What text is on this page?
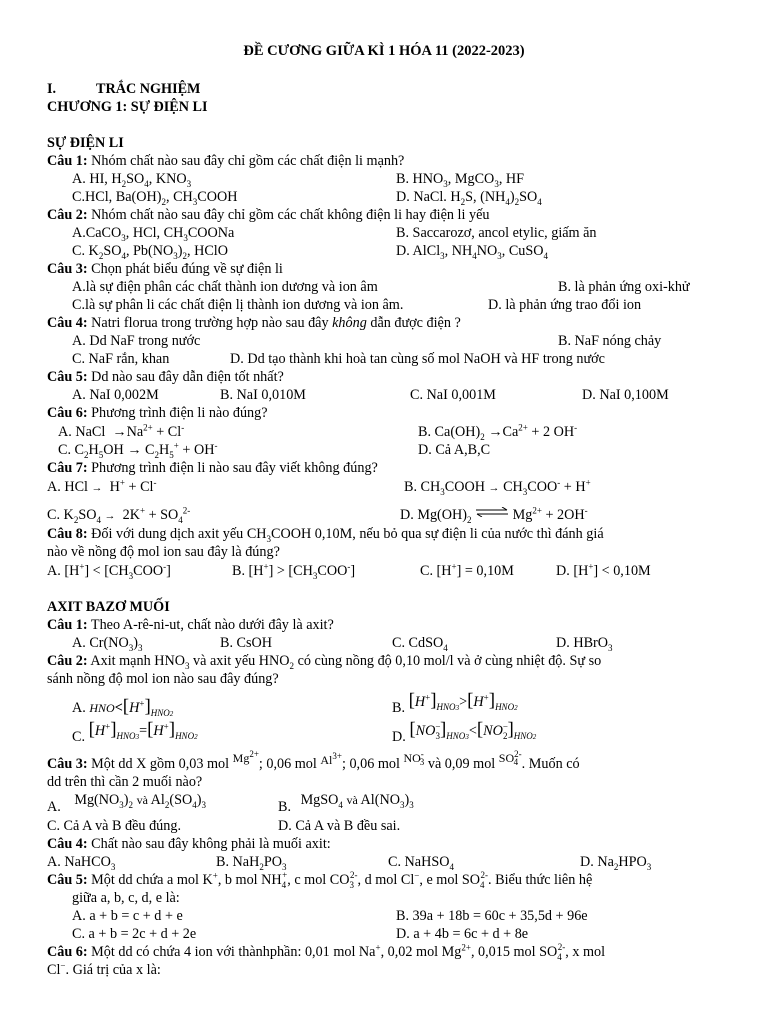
ĐỀ CƯƠNG GIỮA KÌ 1 HÓA 11 (2022-2023)
I.	TRẮC NGHIỆM
CHƯƠNG 1: SỰ ĐIỆN LI
SỰ ĐIỆN LI
Câu 1: Nhóm chất nào sau đây chỉ gồm các chất điện li mạnh?
A. HI, $H_2SO_4$, $KNO_3$	B. $HNO_3$, MgCO$_3$, HF
C.HCl, $Ba(OH)_2$, $CH_3COOH$	D. NaCl. $H_2S$, $(NH_4)_2SO_4$
Câu 2: Nhóm chất nào sau đây chỉ gồm các chất không điện li hay điện li yếu
A.CaCO$_3$, HCl, $CH_3COONa$	B. Saccarozơ, ancol etylic, giấm ăn
C. $K_2SO_4$, $Pb(NO_3)_2$, HClO	D. AlCl$_3$, $NH_4NO_3$, CuSO$_4$
Câu 3: Chọn phát biểu đúng về sự điện li
A.là sự điện phân các chất thành ion dương và ion âm	B. là phản ứng oxi-khử
C.là sự phân li các chất điện lị thành ion dương và ion âm.	D. là phản ứng trao đổi ion
Câu 4: Natri florua trong trường hợp nào sau đây không dẫn được điện ?
A. Dd NaF trong nước	B. NaF nóng chảy
C. NaF rắn, khan	D. Dd tạo thành khi hoà tan cùng số mol NaOH và HF trong nước
Câu 5: Dd nào sau đây dẫn điện tốt nhất?
A. NaI 0,002M	B. NaI 0,010M	C. NaI 0,001M	D. NaI 0,100M
Câu 6: Phương trình điện li nào đúng?
A. NaCl  $\to Na^{2+} + Cl^-$	B. $Ca(OH)_2 \to Ca^{2+} + 2$ OH-
C. $C_2H_5OH \to C_2H_5^+ + OH^-$	D. Cả A,B,C
Câu 7: Phương trình điện li nào sau đây viết không đúng?
A. HCl →  H+ + Cl-	B. $CH_3COOH \to CH_3COO^- + H^+$
C. $K_2SO_4 \to 2K^+ + SO_4^{2-}$	D. $Mg(OH)_2$ ⇌ $Mg^{2+} + 2OH^-$
Câu 8: Đối với dung dịch axit yếu $CH_3COOH$ 0,10M, nếu bỏ qua sự điện li của nước thì đánh giá
nào về nồng độ mol ion sau đây là đúng?
A. $[H^+] < [CH_3COO^-]$	B. $[H^+] > [CH_3COO^-]$	C. [H+] = 0,10M	D. [H+] < 0,10M
AXIT BAZƠ MUỐI
Câu 1: Theo A-rê-ni-ut, chất nào dưới đây là axit?
A. $Cr(NO_3)_3$	B. CsOH	C. CdSO$_4$	D. HBrO$_3$
Câu 2: Axit mạnh $HNO_3$ và axit yếu $HNO_2$ có cùng nồng độ 0,10 mol/l và ở cùng nhiệt độ. Sự so
sánh nồng độ mol ion nào sau đây đúng?
A. $HNO<[H^+]_{HNO2}$	B. $[H^+]_{HNO3}>[H^+]_{HNO2}$
C. $[H^+]_{HNO3}=[H^+]_{HNO2}$	D. $[NO^-_3]_{HNO3}<[NO^-_2]_{HNO2}$
Câu 3: Một dd X gồm 0,03 mol $^{Mg^{2+}}$; 0,06 mol $^{Al^{3+}}$; 0,06 mol $^{NO^-_3}$ và 0,09 mol $^{SO^{2-}_4}$ . Muốn có
dd trên thì cần 2 muối nào?
A. $Mg(NO_3)_2$ và $Al_2(SO_4)_3$	B. MgSO$_4$ và $Al(NO_3)_3$
C. Cả A và B đều đúng.	D. Cả A và B đều sai.
Câu 4: Chất nào sau đây không phải là muối axit:
A. NaHCO$_3$	B. $NaH_2PO_3$	C. NaHSO$_4$	D. $Na_2HPO_3$
Câu 5: Một dd chứa a mol K+, b mol $NH_4^+$, c mol $CO_3^{2-}$, d mol Cl−, e mol $SO_4^{2-}$. Biểu thức liên hệ
giữa a, b, c, d, e là:
A. a + b = c + d + e	B. 39a + 18b = 60c + 35,5d + 96e
C. a + b = 2c + d + 2e	D. a + 4b = 6c + d + 8e
Câu 6: Một dd có chứa 4 ion với thànhphần: 0,01 mol Na+, 0,02 mol $Mg^{2+}$, 0,015 mol $SO_4^{2-}$, x mol
Cl−. Giá trị của x là:
